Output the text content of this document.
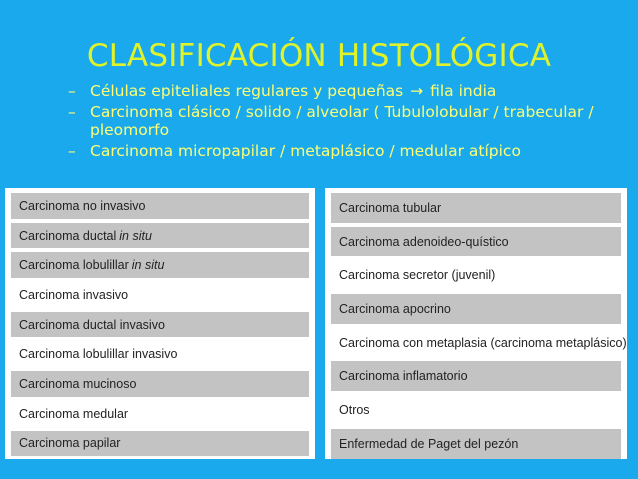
CLASIFICACIÓN HISTOLÓGICA
– Células epiteliales regulares y pequeñas → fila india
– Carcinoma clásico / solido / alveolar ( Tubulolobular / trabecular / pleomorfo
– Carcinoma micropapilar / metaplásico / medular atípico
Carcinoma no invasivo
Carcinoma ductal in situ
Carcinoma lobulillar in situ
Carcinoma invasivo
Carcinoma ductal invasivo
Carcinoma lobulillar invasivo
Carcinoma mucinoso
Carcinoma medular
Carcinoma papilar
Carcinoma tubular
Carcinoma adenoideo-quístico
Carcinoma secretor (juvenil)
Carcinoma apocrino
Carcinoma con metaplasia (carcinoma metaplásico)
Carcinoma inflamatorio
Otros
Enfermedad de Paget del pezón
